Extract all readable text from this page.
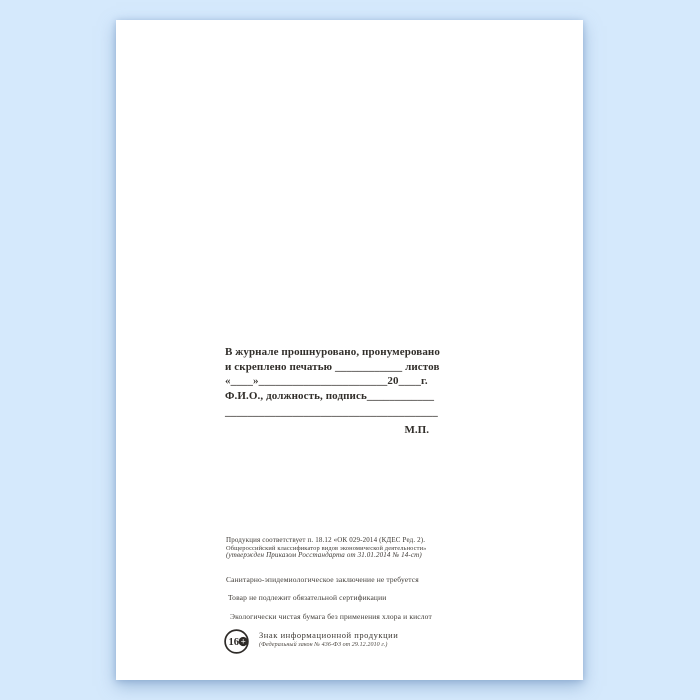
В журнале прошнуровано, пронумеровано
и скреплено печатью ____________ листов
«____»_______________________20____г.
Ф.И.О., должность, подпись____________
______________________________________
М.П.
Продукция соответствует п. 18.12 «ОК 029-2014 (КДЕС Ред. 2).
Общероссийский классификатор видов экономической деятельности»
(утвержден Приказом Росстандарта от 31.01.2014 № 14-ст)
Санитарно-эпидемиологическое заключение не требуется
Товар не подлежит обязательной сертификации
Экологически чистая бумага без применения хлора и кислот
16 +
Знак информационной продукции
(Федеральный закон № 436-ФЗ от 29.12.2010 г.)
